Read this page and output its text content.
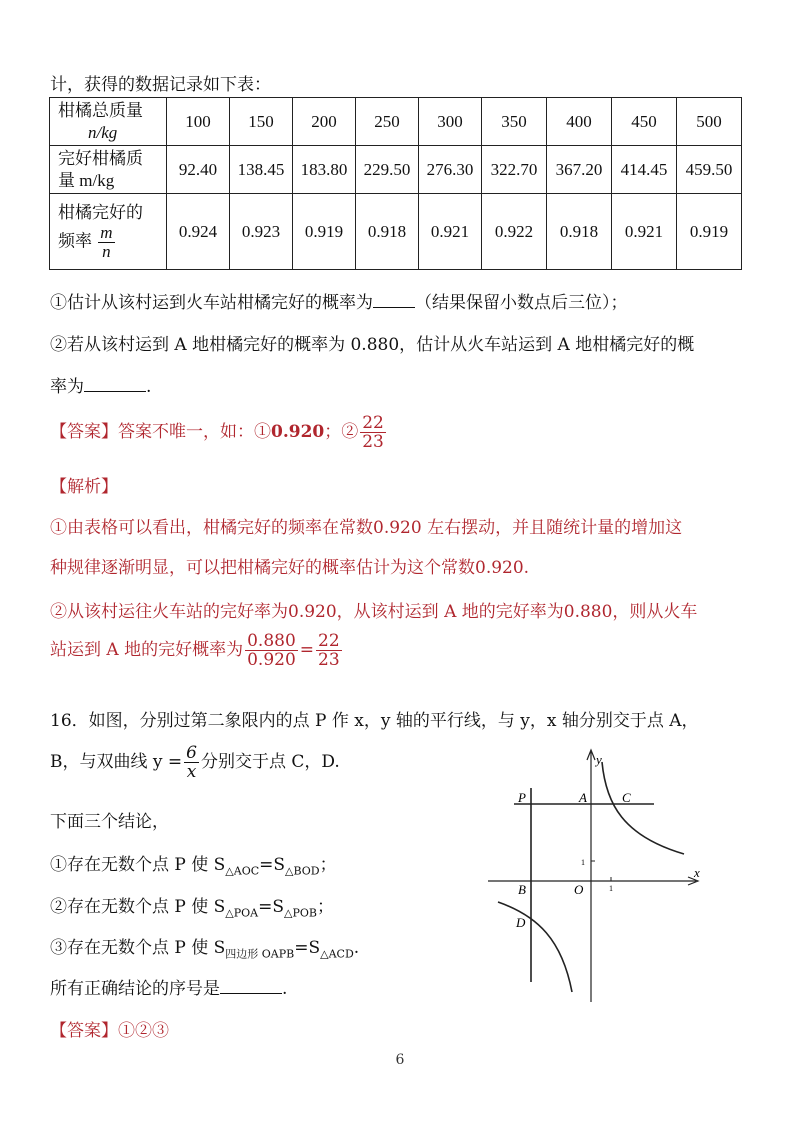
计，获得的数据记录如下表：
柑橘总质量
n/kg	100	150	200	250	300	350	400	450	500

完好柑橘质
量 m/kg	92.40	138.45	183.80	229.50	276.30	322.70	367.20	414.45	459.50

柑橘完好的
频率 $\frac{m}{n}$	0.924	0.923	0.919	0.918	0.921	0.922	0.918	0.921	0.919
①估计从该村运到火车站柑橘完好的概率为 （结果保留小数点后三位）；
②若从该村运到 A 地柑橘完好的概率为 0.880，估计从火车站运到 A 地柑橘完好的概
率为	.
【答案】答案不唯一，如：①0.920；② $\frac{22}{23}$
【解析】
①由表格可以看出，柑橘完好的频率在常数0.920 左右摆动，并且随统计量的增加这
种规律逐渐明显，可以把柑橘完好的概率估计为这个常数0.920.
②从该村运往火车站的完好率为0.920，从该村运到 A 地的完好率为0.880，则从火车
站运到 A 地的完好概率为 $\frac{0.880}{0.920} = \frac{22}{23}$
16．如图，分别过第二象限内的点 P 作 x，y 轴的平行线，与 y，x 轴分别交于点 A，
B，与双曲线 $y = \frac{6}{x}$ 分别交于点 C，D.
下面三个结论，
①存在无数个点 P 使 $S_{\triangle AOC}=S_{\triangle BOD}$；
②存在无数个点 P 使 $S_{\triangle POA}=S_{\triangle POB}$；
③存在无数个点 P 使 $S_{四边形 OAPB}=S_{\triangle ACD}$.
所有正确结论的序号是	.
【答案】①②③
y
x
P	A	C
B	O
D
1
1
6
